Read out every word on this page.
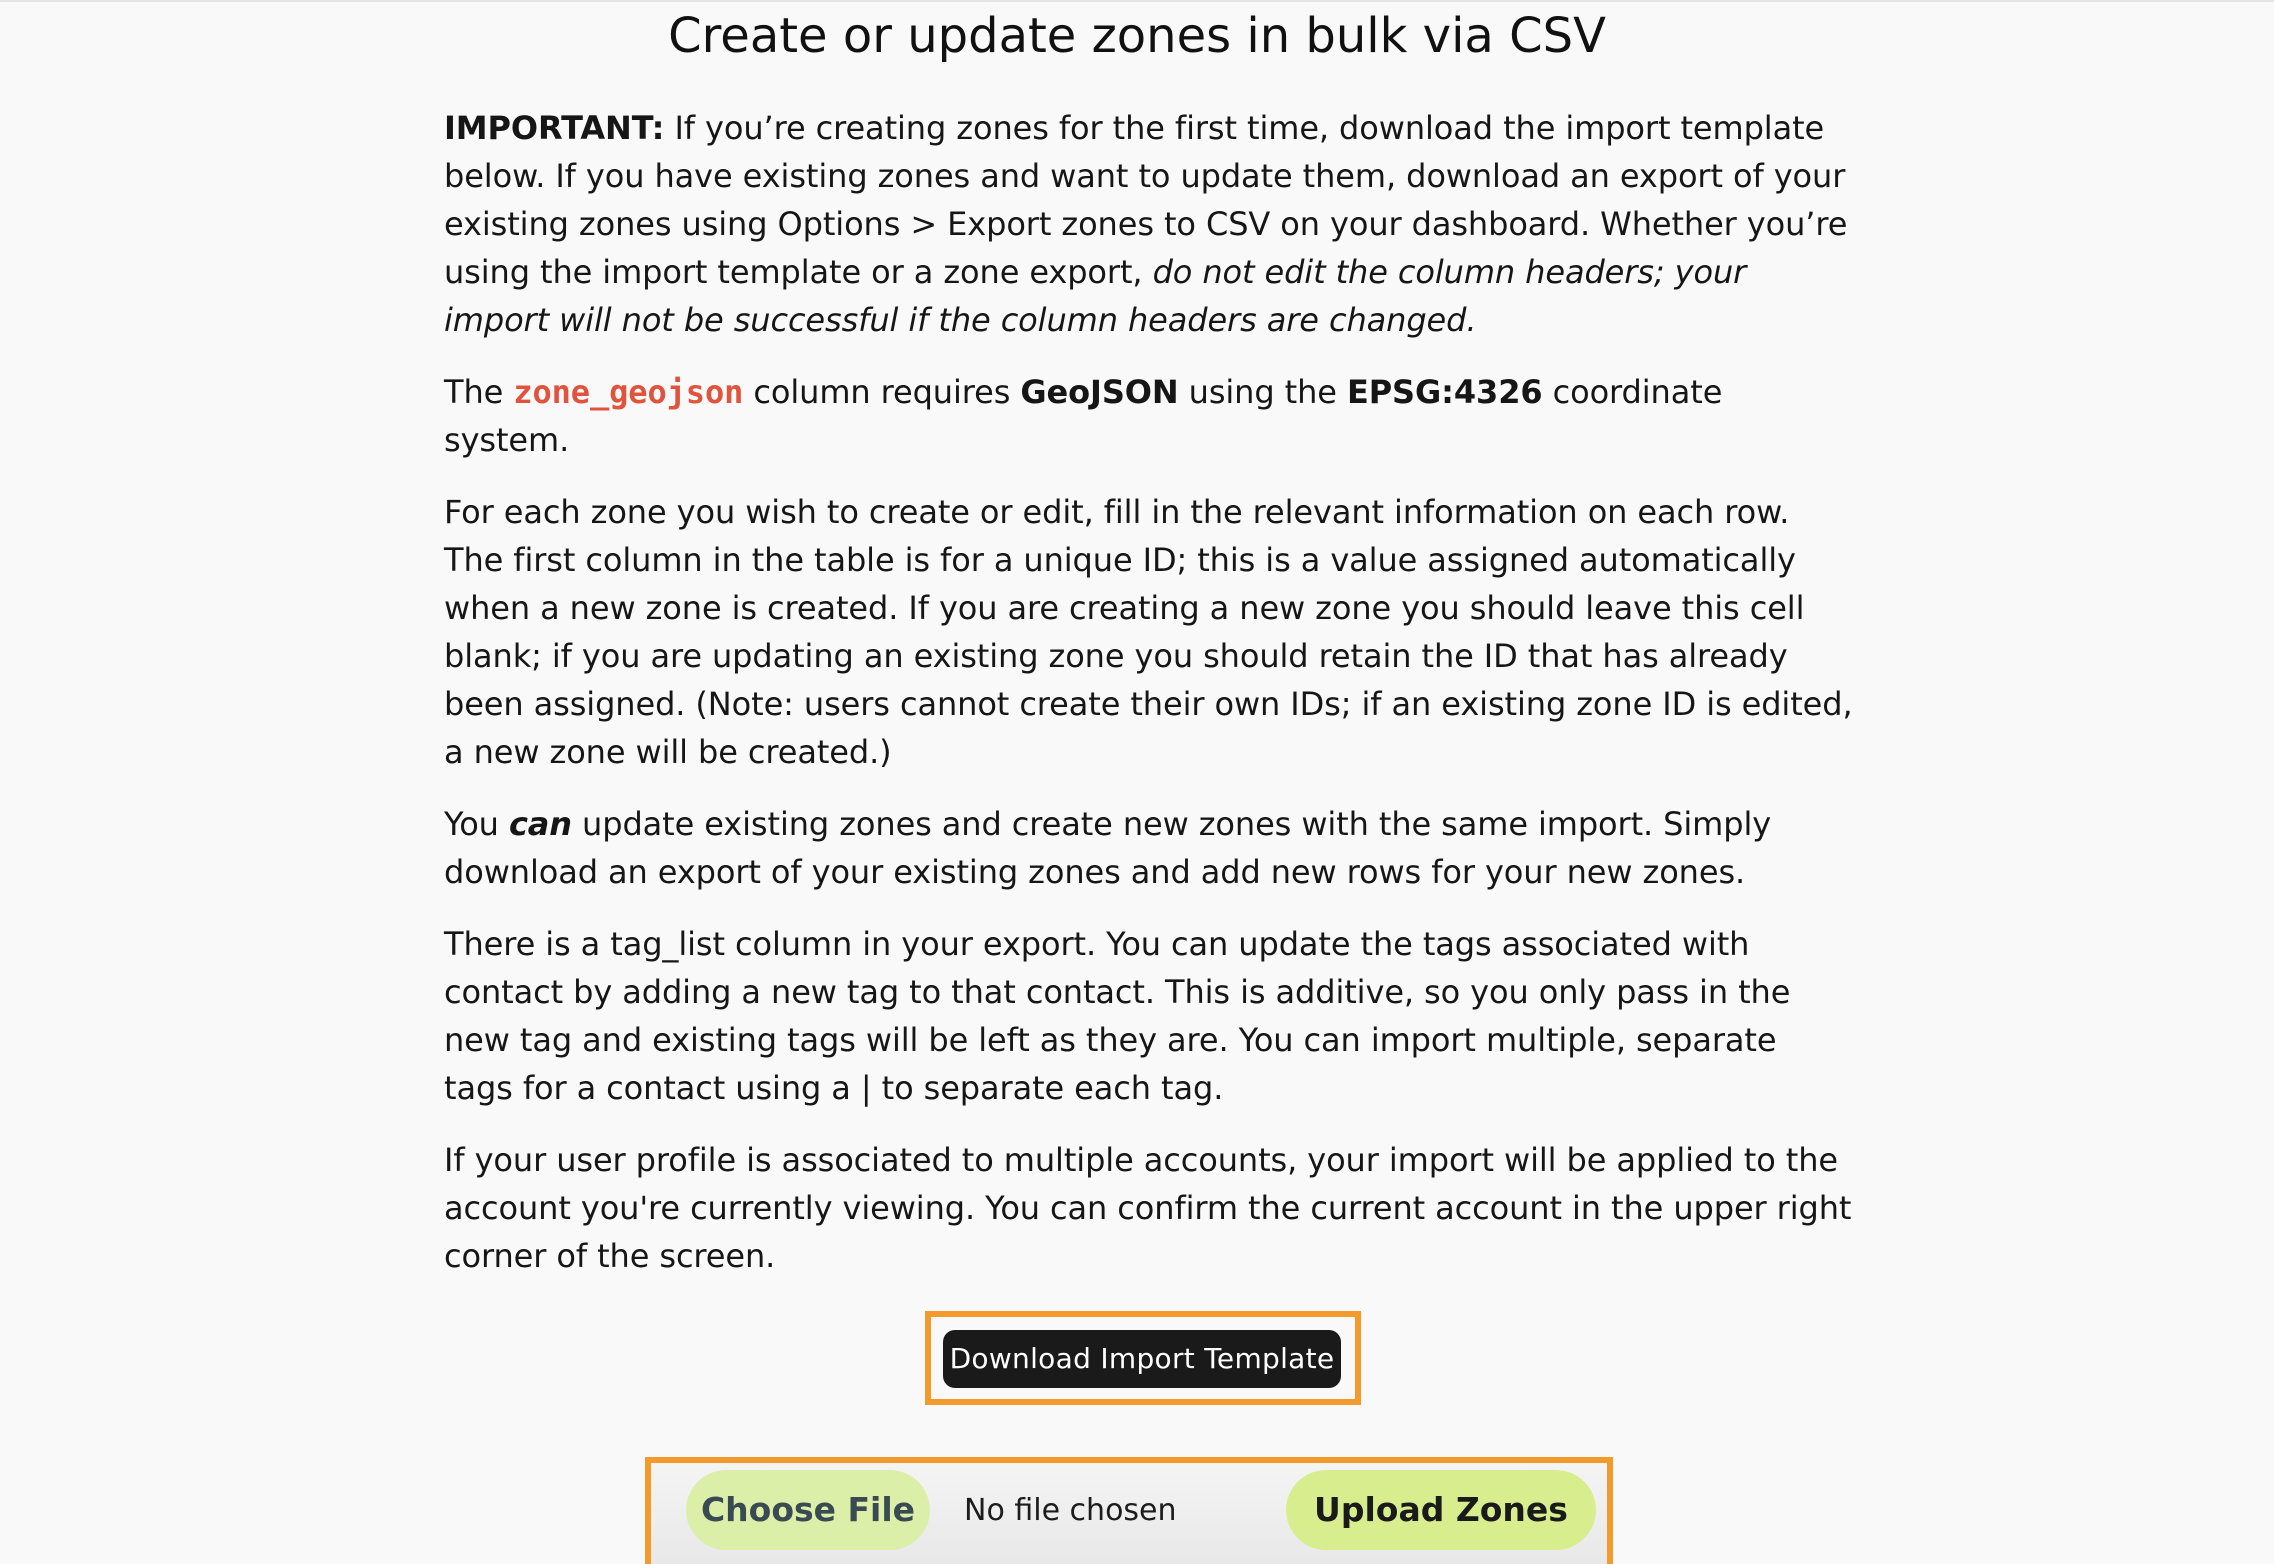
Create or update zones in bulk via CSV

IMPORTANT: If you’re creating zones for the first time, download the import template below. If you have existing zones and want to update them, download an export of your existing zones using Options > Export zones to CSV on your dashboard. Whether you’re using the import template or a zone export, do not edit the column headers; your import will not be successful if the column headers are changed.

The zone_geojson column requires GeoJSON using the EPSG:4326 coordinate system.

For each zone you wish to create or edit, fill in the relevant information on each row. The first column in the table is for a unique ID; this is a value assigned automatically when a new zone is created. If you are creating a new zone you should leave this cell blank; if you are updating an existing zone you should retain the ID that has already been assigned. (Note: users cannot create their own IDs; if an existing zone ID is edited, a new zone will be created.)

You can update existing zones and create new zones with the same import. Simply download an export of your existing zones and add new rows for your new zones.

There is a tag_list column in your export. You can update the tags associated with contact by adding a new tag to that contact. This is additive, so you only pass in the new tag and existing tags will be left as they are. You can import multiple, separate tags for a contact using a | to separate each tag.

If your user profile is associated to multiple accounts, your import will be applied to the account you're currently viewing. You can confirm the current account in the upper right corner of the screen.

Download Import Template
Choose File	No file chosen	Upload Zones
